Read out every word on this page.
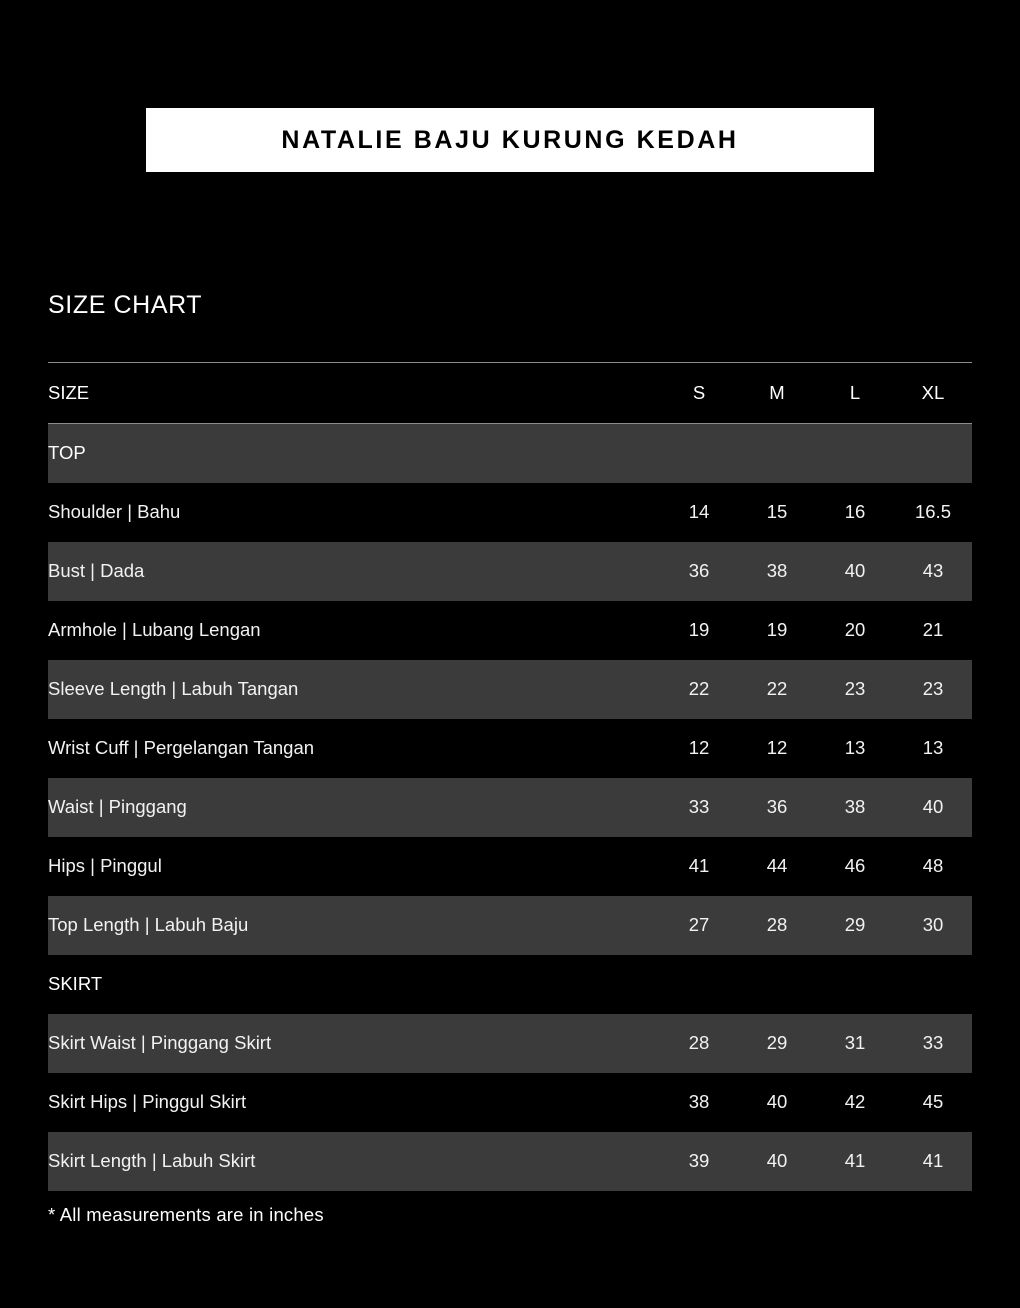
NATALIE BAJU KURUNG KEDAH
SIZE CHART
SIZE	S	M	L	XL
TOP				
Shoulder | Bahu	14	15	16	16.5
Bust | Dada	36	38	40	43
Armhole | Lubang Lengan	19	19	20	21
Sleeve Length | Labuh Tangan	22	22	23	23
Wrist Cuff | Pergelangan Tangan	12	12	13	13
Waist | Pinggang	33	36	38	40
Hips | Pinggul	41	44	46	48
Top Length | Labuh Baju	27	28	29	30
SKIRT				
Skirt Waist | Pinggang Skirt	28	29	31	33
Skirt Hips | Pinggul Skirt	38	40	42	45
Skirt Length | Labuh Skirt	39	40	41	41
* All measurements are in inches
